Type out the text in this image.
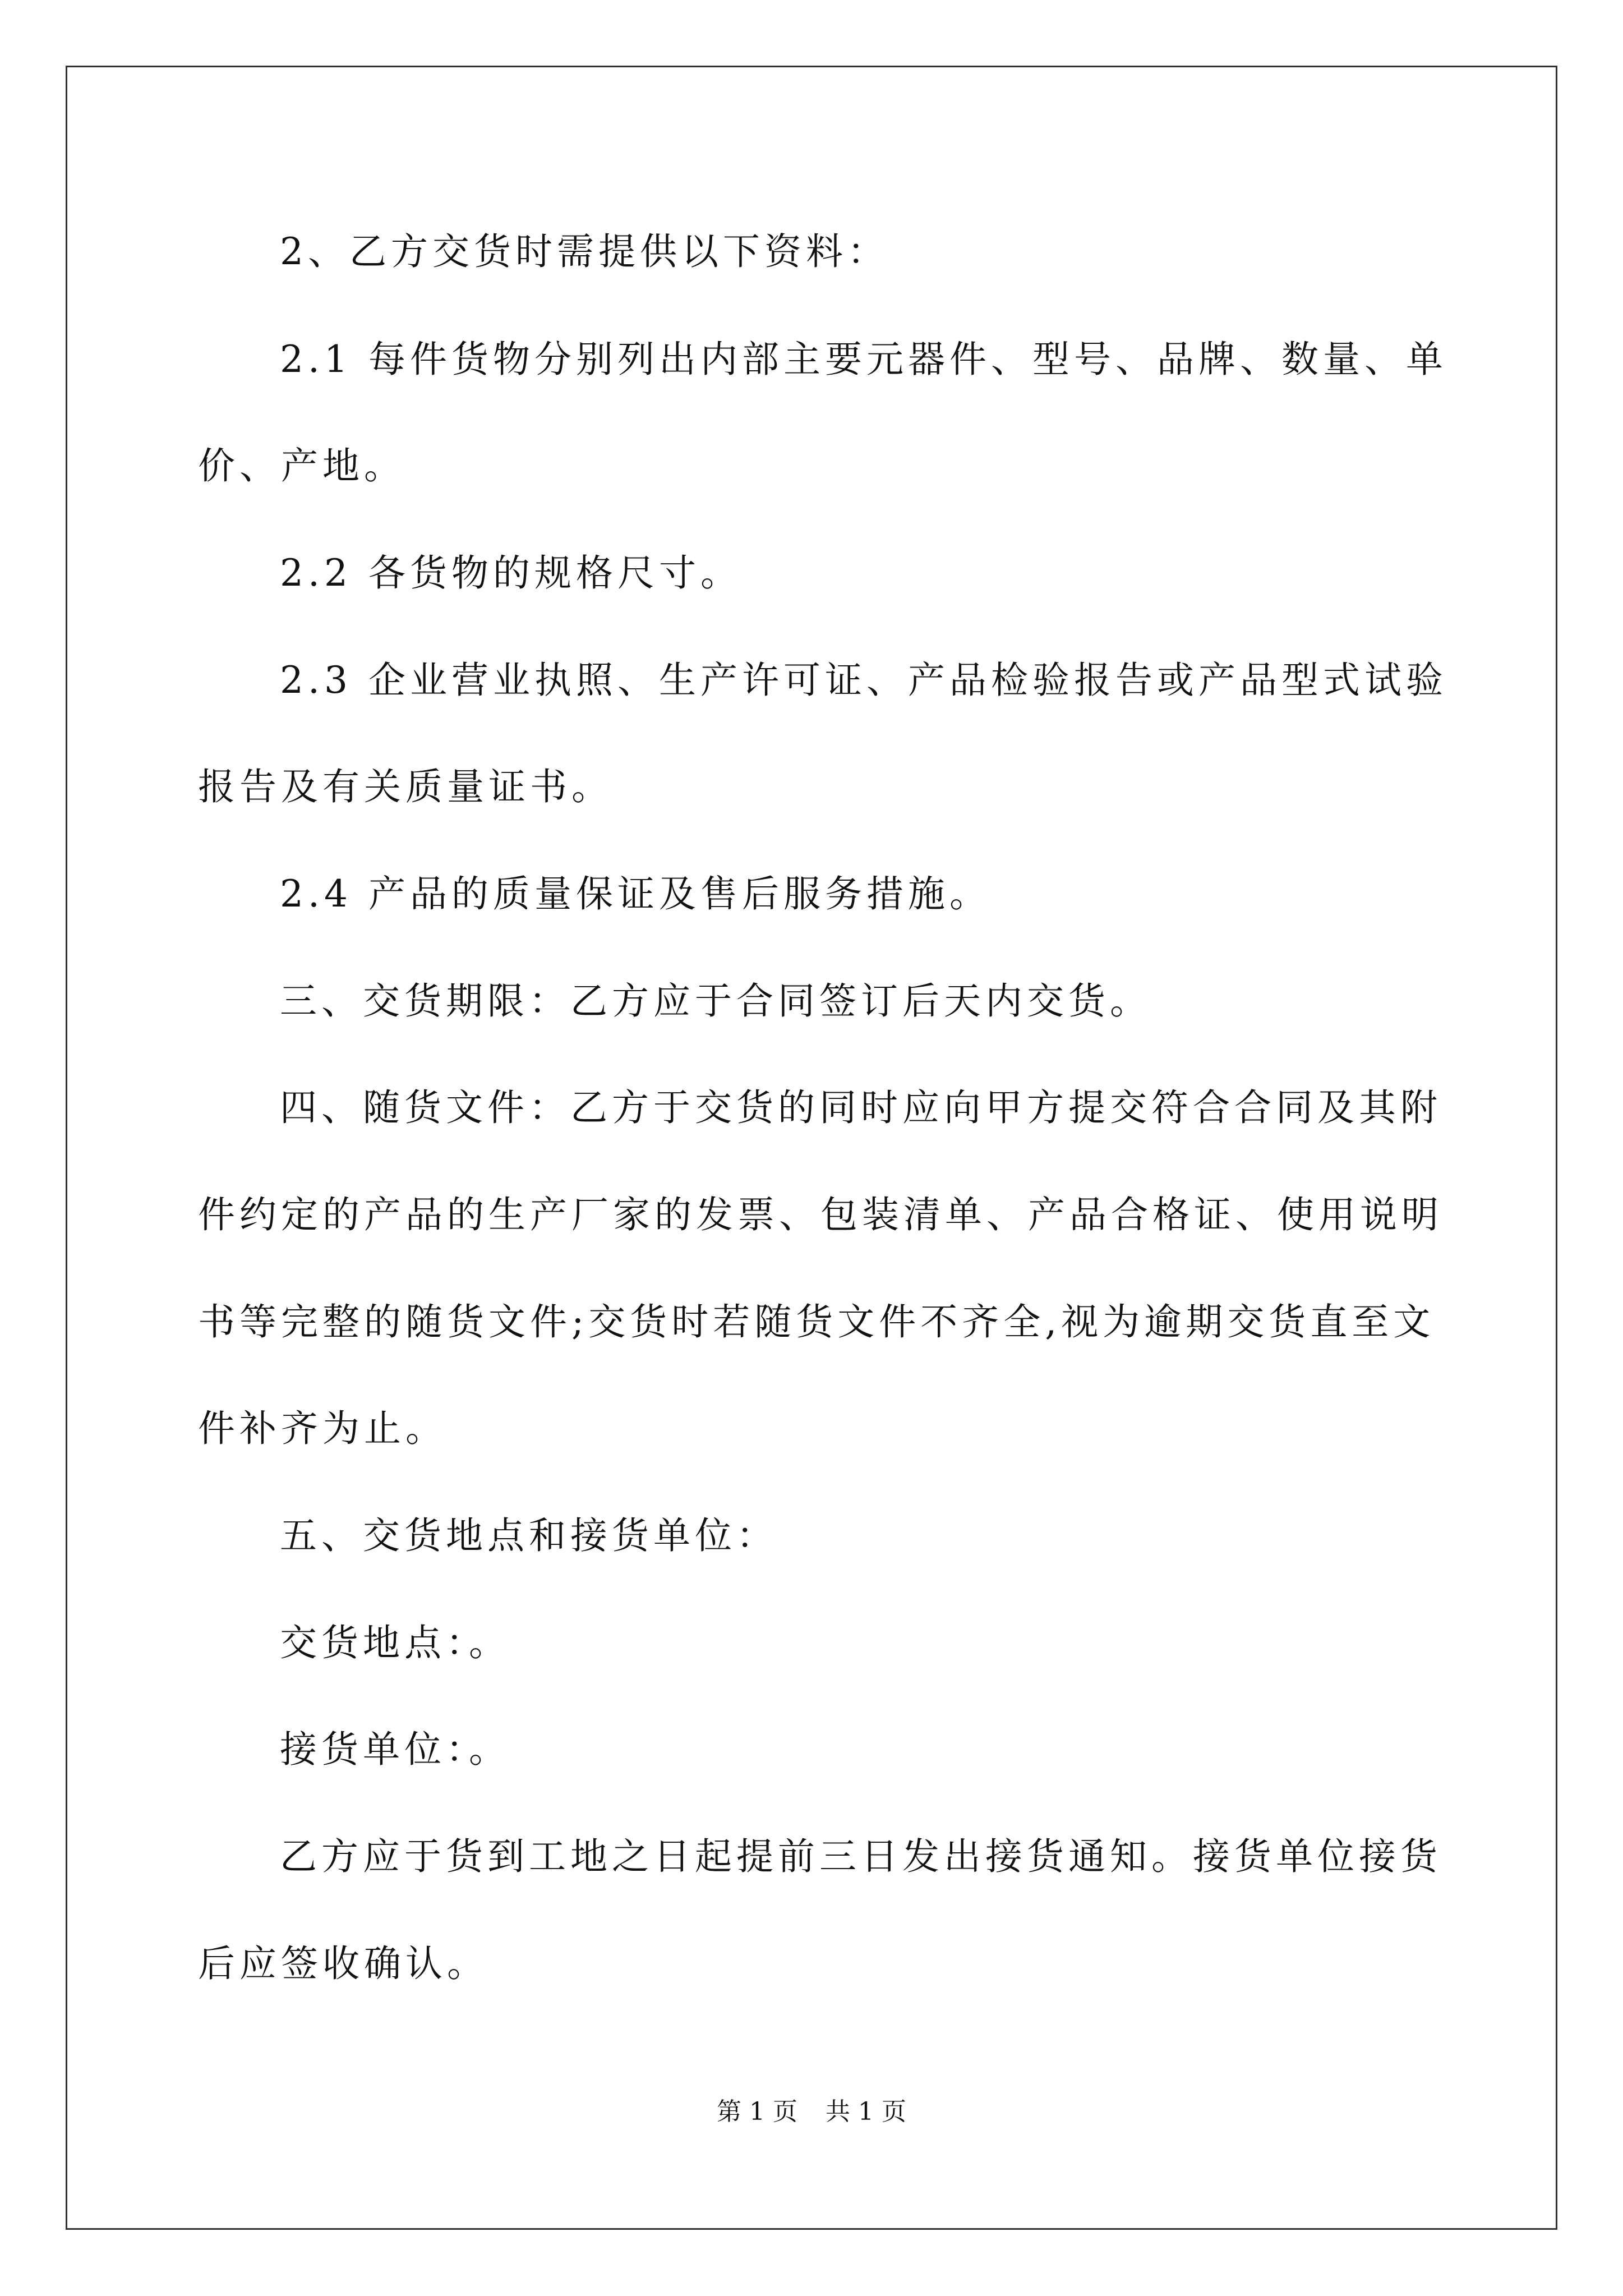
2、乙方交货时需提供以下资料：
2.1 每件货物分别列出内部主要元器件、型号、品牌、数量、单
价、产地。
2.2 各货物的规格尺寸。
2.3 企业营业执照、生产许可证、产品检验报告或产品型式试验
报告及有关质量证书。
2.4 产品的质量保证及售后服务措施。
三、交货期限：乙方应于合同签订后天内交货。
四、随货文件：乙方于交货的同时应向甲方提交符合合同及其附
件约定的产品的生产厂家的发票、包装清单、产品合格证、使用说明
书等完整的随货文件;交货时若随货文件不齐全,视为逾期交货直至文
件补齐为止。
五、交货地点和接货单位：
交货地点：。
接货单位：。
乙方应于货到工地之日起提前三日发出接货通知。接货单位接货
后应签收确认。
第 1 页 共 1 页
